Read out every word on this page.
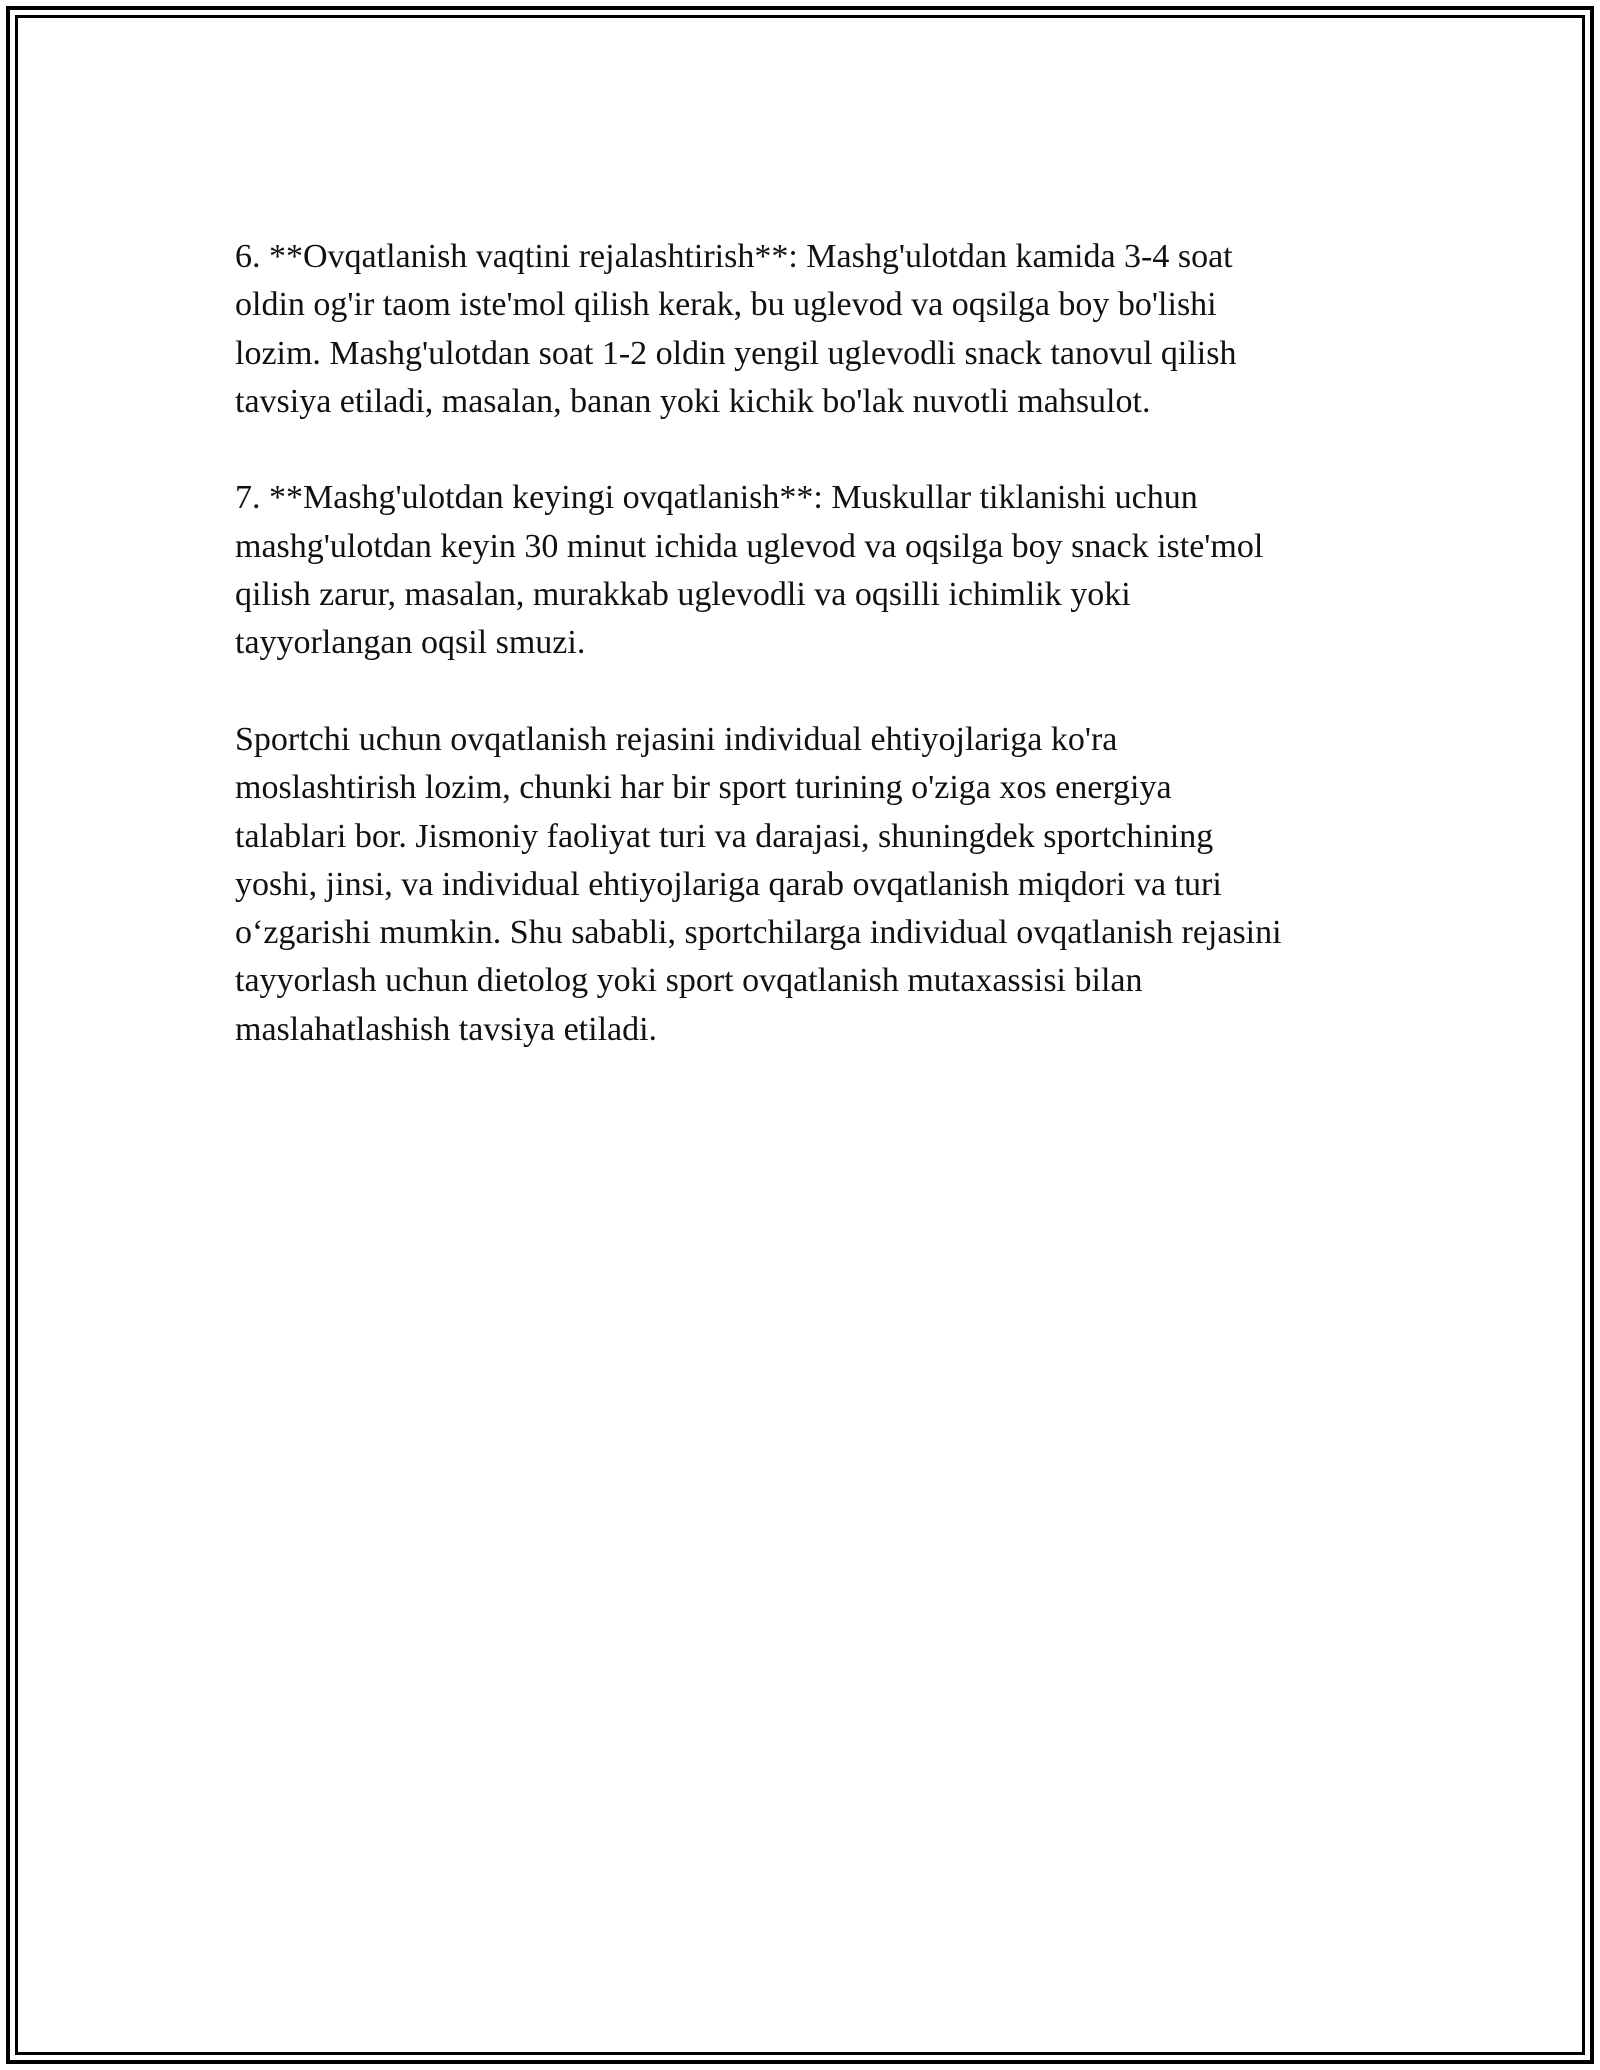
6. **Ovqatlanish vaqtini rejalashtirish**: Mashg'ulotdan kamida 3-4 soat
oldin og'ir taom iste'mol qilish kerak, bu uglevod va oqsilga boy bo'lishi
lozim. Mashg'ulotdan soat 1-2 oldin yengil uglevodli snack tanovul qilish
tavsiya etiladi, masalan, banan yoki kichik bo'lak nuvotli mahsulot.

7. **Mashg'ulotdan keyingi ovqatlanish**: Muskullar tiklanishi uchun
mashg'ulotdan keyin 30 minut ichida uglevod va oqsilga boy snack iste'mol
qilish zarur, masalan, murakkab uglevodli va oqsilli ichimlik yoki
tayyorlangan oqsil smuzi.

Sportchi uchun ovqatlanish rejasini individual ehtiyojlariga ko'ra
moslashtirish lozim, chunki har bir sport turining o'ziga xos energiya
talablari bor. Jismoniy faoliyat turi va darajasi, shuningdek sportchining
yoshi, jinsi, va individual ehtiyojlariga qarab ovqatlanish miqdori va turi
o‘zgarishi mumkin. Shu sababli, sportchilarga individual ovqatlanish rejasini
tayyorlash uchun dietolog yoki sport ovqatlanish mutaxassisi bilan
maslahatlashish tavsiya etiladi.
